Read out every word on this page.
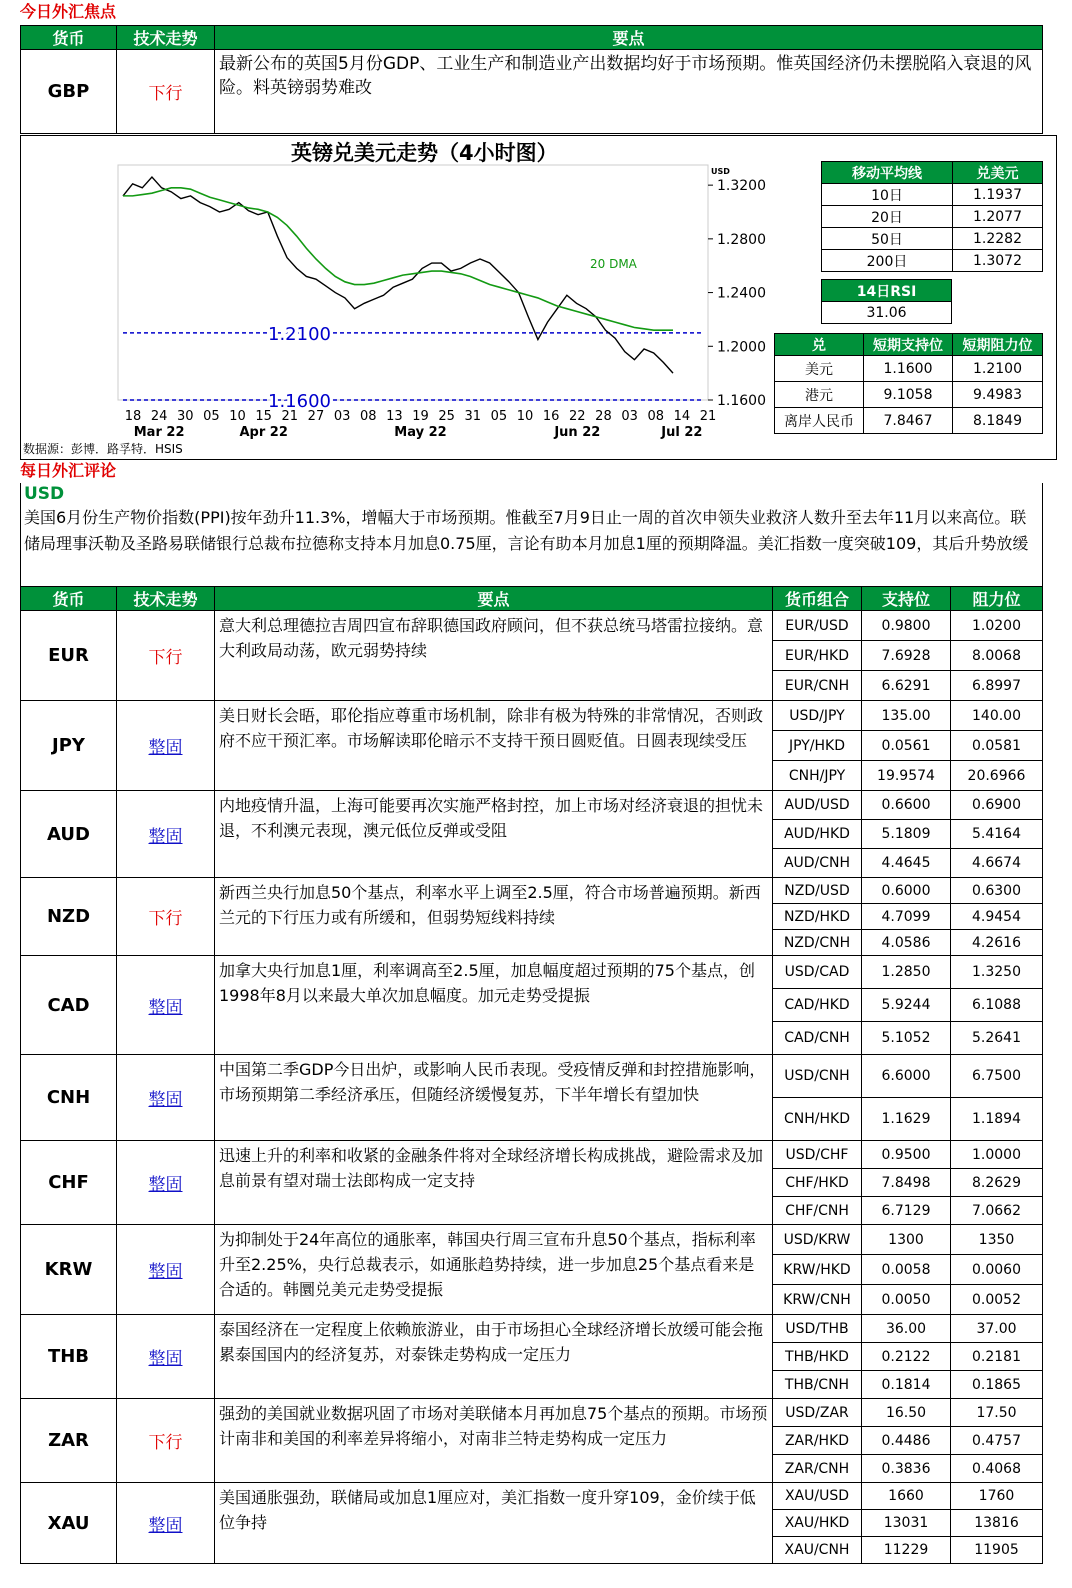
今日外汇焦点
货币	技术走势	要点
GBP	下行	最新公布的英国5月份GDP、工业生产和制造业产出数据均好于市场预期。惟英国经济仍未摆脱陷入衰退的风险。料英镑弱势难改
英镑兑美元走势（4小时图）
1.3200
1.2800
1.2400
1.2000
1.1600
USD
18 24 30 05 10 15 21 27 03 08 13 19 25 31 05 10 16 22 28 03 08 14 21
Mar 22	Apr 22	May 22	Jun 22	Jul 22
1.2100
1.1600
20 DMA
数据源：彭博．路孚特．HSIS
移动平均线	兑美元
10日	1.1937
20日	1.2077
50日	1.2282
200日	1.3072
14日RSI
31.06
兑	短期支持位	短期阻力位
美元	1.1600	1.2100
港元	9.1058	9.4983
离岸人民币	7.8467	8.1849
每日外汇评论
USD
美国6月份生产物价指数(PPI)按年劲升11.3%，增幅大于市场预期。惟截至7月9日止一周的首次申领失业救济人数升至去年11月以来高位。联储局理事沃勒及圣路易联储银行总裁布拉德称支持本月加息0.75厘，言论有助本月加息1厘的预期降温。美汇指数一度突破109，其后升势放缓
货币	技术走势	要点	货币组合	支持位	阻力位
EUR	下行	意大利总理德拉吉周四宣布辞职德国政府顾问，但不获总统马塔雷拉接纳。意大利政局动荡，欧元弱势持续	EUR/USD	0.9800	1.0200
			EUR/HKD	7.6928	8.0068
			EUR/CNH	6.6291	6.8997
JPY	整固	美日财长会晤，耶伦指应尊重市场机制，除非有极为特殊的非常情况，否则政府不应干预汇率。市场解读耶伦暗示不支持干预日圆贬值。日圆表现续受压	USD/JPY	135.00	140.00
			JPY/HKD	0.0561	0.0581
			CNH/JPY	19.9574	20.6966
AUD	整固	内地疫情升温，上海可能要再次实施严格封控，加上市场对经济衰退的担忧未退，不利澳元表现，澳元低位反弹或受阻	AUD/USD	0.6600	0.6900
			AUD/HKD	5.1809	5.4164
			AUD/CNH	4.4645	4.6674
NZD	下行	新西兰央行加息50个基点，利率水平上调至2.5厘，符合市场普遍预期。新西兰元的下行压力或有所缓和，但弱势短线料持续	NZD/USD	0.6000	0.6300
			NZD/HKD	4.7099	4.9454
			NZD/CNH	4.0586	4.2616
CAD	整固	加拿大央行加息1厘，利率调高至2.5厘，加息幅度超过预期的75个基点，创1998年8月以来最大单次加息幅度。加元走势受提振	USD/CAD	1.2850	1.3250
			CAD/HKD	5.9244	6.1088
			CAD/CNH	5.1052	5.2641
CNH	整固	中国第二季GDP今日出炉，或影响人民币表现。受疫情反弹和封控措施影响，市场预期第二季经济承压，但随经济缓慢复苏，下半年增长有望加快	USD/CNH	6.6000	6.7500
			CNH/HKD	1.1629	1.1894
CHF	整固	迅速上升的利率和收紧的金融条件将对全球经济增长构成挑战，避险需求及加息前景有望对瑞士法郎构成一定支持	USD/CHF	0.9500	1.0000
			CHF/HKD	7.8498	8.2629
			CHF/CNH	6.7129	7.0662
KRW	整固	为抑制处于24年高位的通胀率，韩国央行周三宣布升息50个基点，指标利率升至2.25%，央行总裁表示，如通胀趋势持续，进一步加息25个基点看来是合适的。韩圜兑美元走势受提振	USD/KRW	1300	1350
			KRW/HKD	0.0058	0.0060
			KRW/CNH	0.0050	0.0052
THB	整固	泰国经济在一定程度上依赖旅游业，由于市场担心全球经济增长放缓可能会拖累泰国国内的经济复苏，对泰铢走势构成一定压力	USD/THB	36.00	37.00
			THB/HKD	0.2122	0.2181
			THB/CNH	0.1814	0.1865
ZAR	下行	强劲的美国就业数据巩固了市场对美联储本月再加息75个基点的预期。市场预计南非和美国的利率差异将缩小，对南非兰特走势构成一定压力	USD/ZAR	16.50	17.50
			ZAR/HKD	0.4486	0.4757
			ZAR/CNH	0.3836	0.4068
XAU	整固	美国通胀强劲，联储局或加息1厘应对，美汇指数一度升穿109，金价续于低位争持	XAU/USD	1660	1760
			XAU/HKD	13031	13816
			XAU/CNH	11229	11905
